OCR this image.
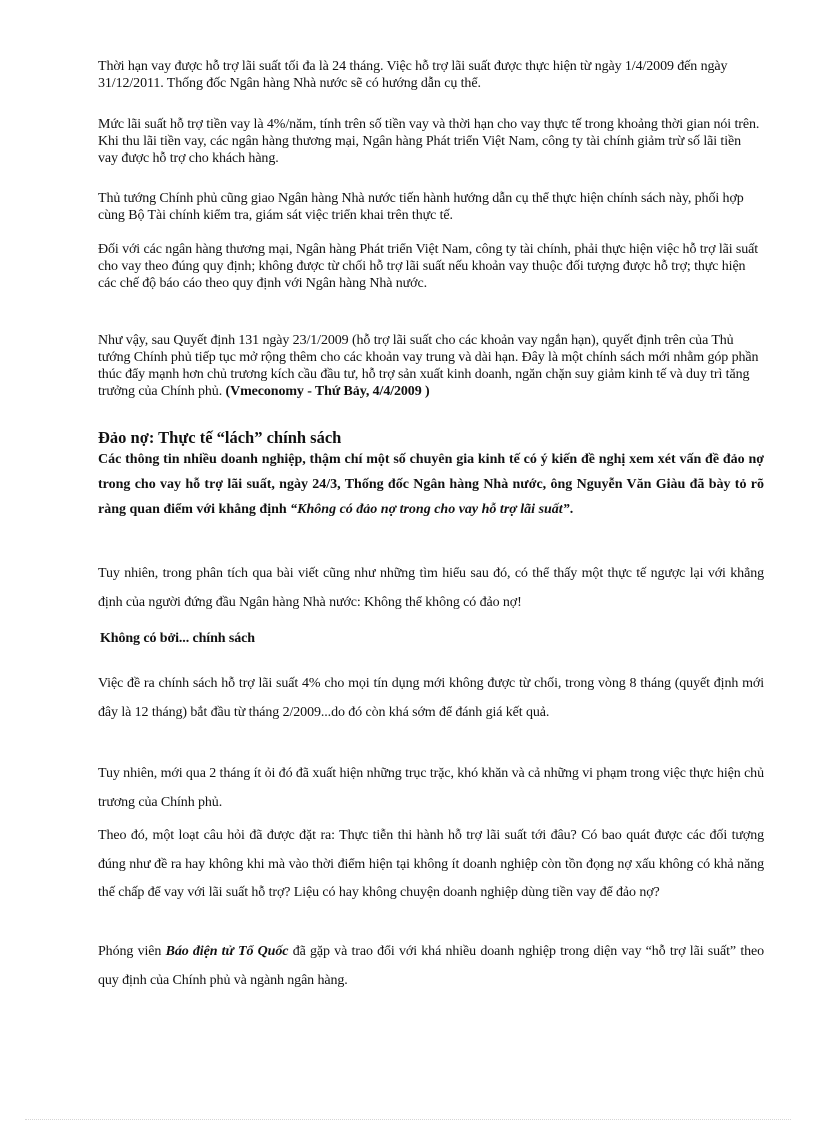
Thời hạn vay được hỗ trợ lãi suất tối đa là 24 tháng. Việc hỗ trợ lãi suất được thực hiện từ ngày 1/4/2009 đến ngày 31/12/2011. Thống đốc Ngân hàng Nhà nước sẽ có hướng dẫn cụ thể.

Mức lãi suất hỗ trợ tiền vay là 4%/năm, tính trên số tiền vay và thời hạn cho vay thực tế trong khoảng thời gian nói trên. Khi thu lãi tiền vay, các ngân hàng thương mại, Ngân hàng Phát triển Việt Nam, công ty tài chính giảm trừ số lãi tiền vay được hỗ trợ cho khách hàng.

Thủ tướng Chính phủ cũng giao Ngân hàng Nhà nước tiến hành hướng dẫn cụ thể thực hiện chính sách này, phối hợp cùng Bộ Tài chính kiểm tra, giám sát việc triển khai trên thực tế.

Đối với các ngân hàng thương mại, Ngân hàng Phát triển Việt Nam, công ty tài chính, phải thực hiện việc hỗ trợ lãi suất cho vay theo đúng quy định; không được từ chối hỗ trợ lãi suất nếu khoản vay thuộc đối tượng được hỗ trợ; thực hiện các chế độ báo cáo theo quy định với Ngân hàng Nhà nước.

Như vậy, sau Quyết định 131 ngày 23/1/2009 (hỗ trợ lãi suất cho các khoản vay ngắn hạn), quyết định trên của Thủ tướng Chính phủ tiếp tục mở rộng thêm cho các khoản vay trung và dài hạn. Đây là một chính sách mới nhằm góp phần thúc đẩy mạnh hơn chủ trương kích cầu đầu tư, hỗ trợ sản xuất kinh doanh, ngăn chặn suy giảm kinh tế và duy trì tăng trưởng của Chính phủ. (Vmeconomy - Thứ Bảy, 4/4/2009 )

Đảo nợ: Thực tế “lách” chính sách

Các thông tin nhiều doanh nghiệp, thậm chí một số chuyên gia kinh tế có ý kiến đề nghị xem xét vấn đề đảo nợ trong cho vay hỗ trợ lãi suất, ngày 24/3, Thống đốc Ngân hàng Nhà nước, ông Nguyễn Văn Giàu đã bày tỏ rõ ràng quan điểm với khẳng định “Không có đảo nợ trong cho vay hỗ trợ lãi suất”.

Tuy nhiên, trong phân tích qua bài viết cũng như những tìm hiểu sau đó, có thể thấy một thực tế ngược lại với khẳng định của người đứng đầu Ngân hàng Nhà nước: Không thể không có đảo nợ!

Không có bởi... chính sách

Việc đề ra chính sách hỗ trợ lãi suất 4% cho mọi tín dụng mới không được từ chối, trong vòng 8 tháng (quyết định mới đây là 12 tháng) bắt đầu từ tháng 2/2009...do đó còn khá sớm để đánh giá kết quả.

Tuy nhiên, mới qua 2 tháng ít ỏi đó đã xuất hiện những trục trặc, khó khăn và cả những vi phạm trong việc thực hiện chủ trương của Chính phủ.

Theo đó, một loạt câu hỏi đã được đặt ra: Thực tiễn thi hành hỗ trợ lãi suất tới đâu? Có bao quát được các đối tượng đúng như đề ra hay không khi mà vào thời điểm hiện tại không ít doanh nghiệp còn tồn đọng nợ xấu không có khả năng thế chấp để vay với lãi suất hỗ trợ? Liệu có hay không chuyện doanh nghiệp dùng tiền vay để đảo nợ?

Phóng viên Báo điện tử Tổ Quốc đã gặp và trao đổi với khá nhiều doanh nghiệp trong diện vay “hỗ trợ lãi suất” theo quy định của Chính phủ và ngành ngân hàng.
